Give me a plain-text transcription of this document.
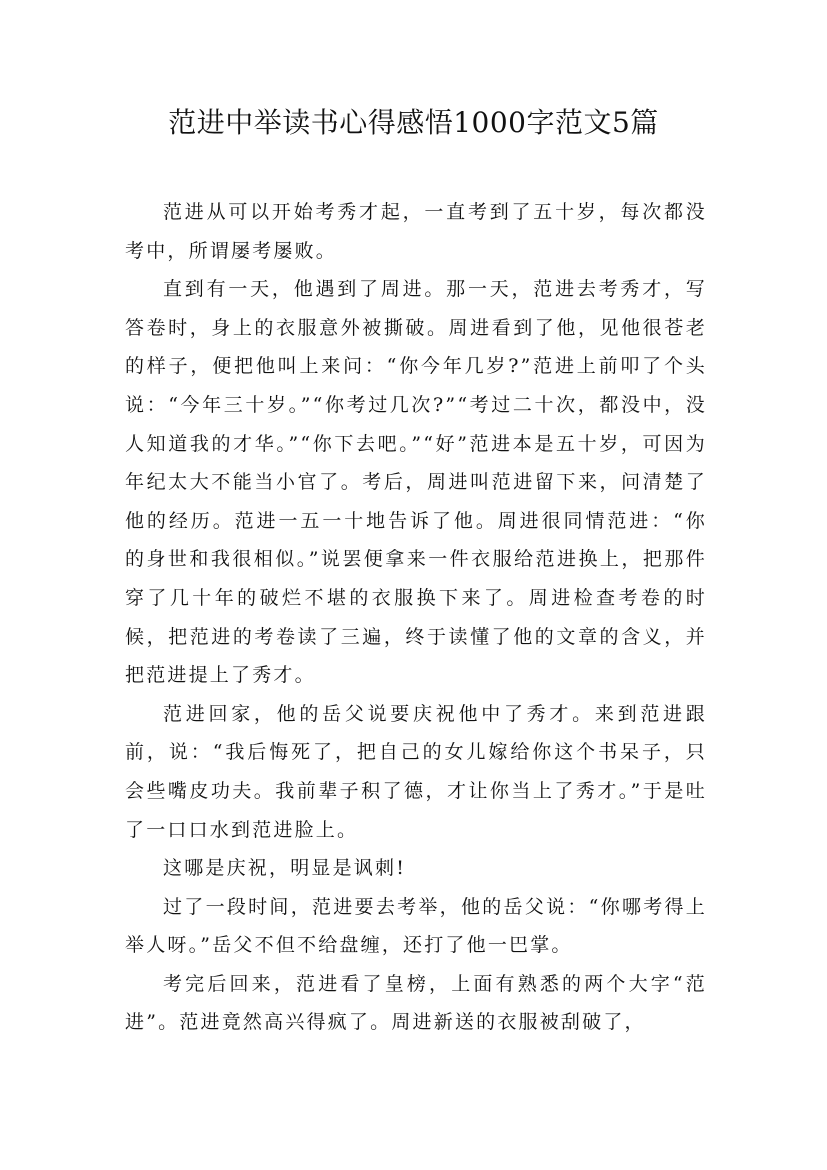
范进中举读书心得感悟1000字范文5篇

范进从可以开始考秀才起，一直考到了五十岁，每次都没考中，所谓屡考屡败。

直到有一天，他遇到了周进。那一天，范进去考秀才，写答卷时，身上的衣服意外被撕破。周进看到了他，见他很苍老的样子，便把他叫上来问：“你今年几岁?”范进上前叩了个头说：“今年三十岁。”“你考过几次?”“考过二十次，都没中，没人知道我的才华。”“你下去吧。”“好”范进本是五十岁，可因为年纪太大不能当小官了。考后，周进叫范进留下来，问清楚了他的经历。范进一五一十地告诉了他。周进很同情范进：“你的身世和我很相似。”说罢便拿来一件衣服给范进换上，把那件穿了几十年的破烂不堪的衣服换下来了。周进检查考卷的时候，把范进的考卷读了三遍，终于读懂了他的文章的含义，并把范进提上了秀才。

范进回家，他的岳父说要庆祝他中了秀才。来到范进跟前，说：“我后悔死了，把自己的女儿嫁给你这个书呆子，只会些嘴皮功夫。我前辈子积了德，才让你当上了秀才。”于是吐了一口口水到范进脸上。

这哪是庆祝，明显是讽刺!

过了一段时间，范进要去考举，他的岳父说：“你哪考得上举人呀。”岳父不但不给盘缠，还打了他一巴掌。

考完后回来，范进看了皇榜，上面有熟悉的两个大字“范进”。范进竟然高兴得疯了。周进新送的衣服被刮破了，
